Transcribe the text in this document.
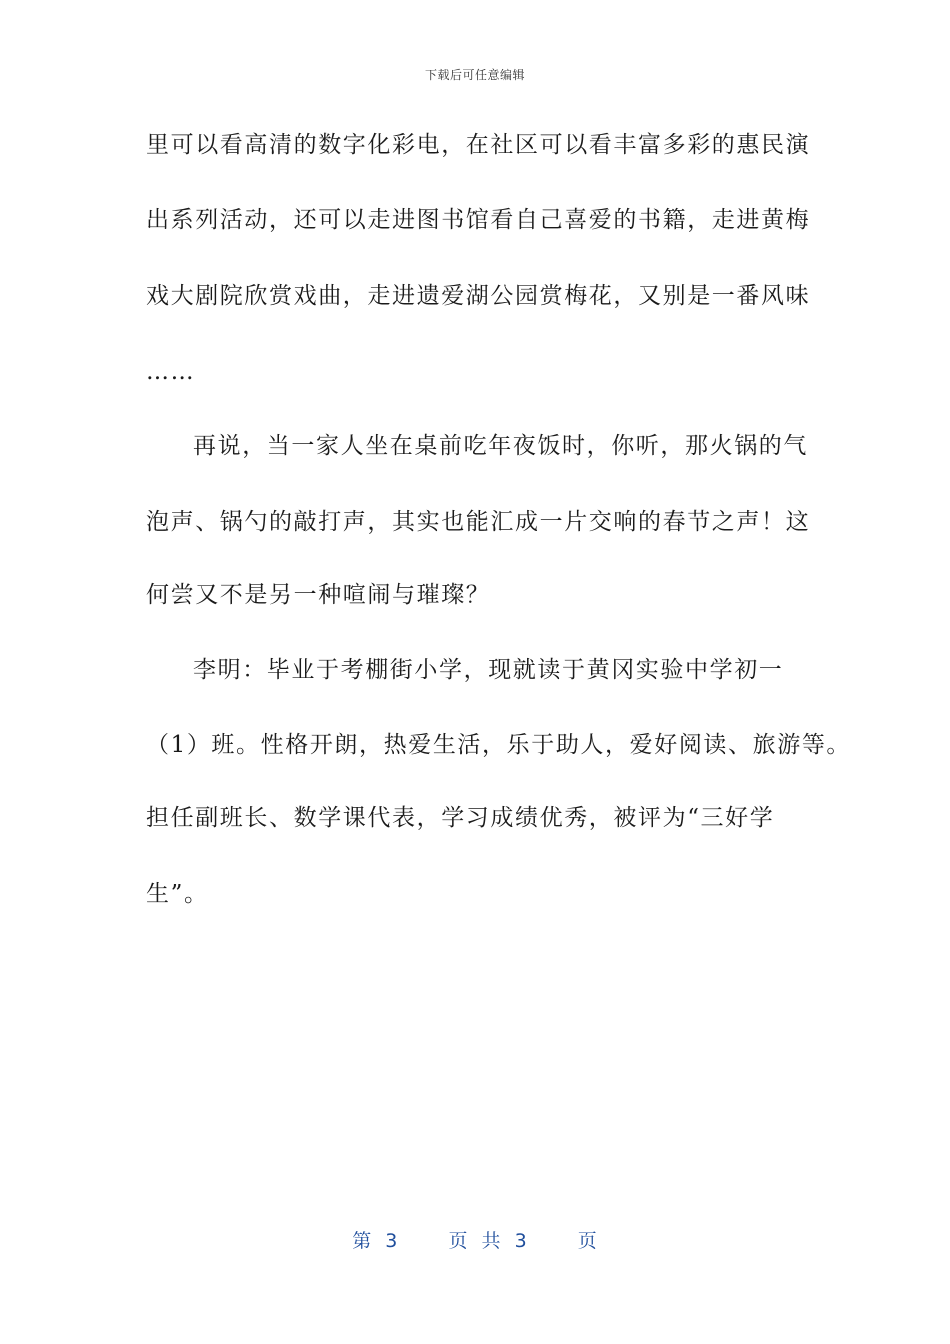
下载后可任意编辑
里可以看高清的数字化彩电，在社区可以看丰富多彩的惠民演
出系列活动，还可以走进图书馆看自己喜爱的书籍，走进黄梅
戏大剧院欣赏戏曲，走进遗爱湖公园赏梅花，又别是一番风味
……
再说，当一家人坐在桌前吃年夜饭时，你听，那火锅的气
泡声、锅勺的敲打声，其实也能汇成一片交响的春节之声！这
何尝又不是另一种喧闹与璀璨？
李明：毕业于考棚街小学，现就读于黄冈实验中学初一
（1）班。性格开朗，热爱生活，乐于助人，爱好阅读、旅游等。
担任副班长、数学课代表，学习成绩优秀，被评为“三好学
生”。
第 3	页 共 3	页
